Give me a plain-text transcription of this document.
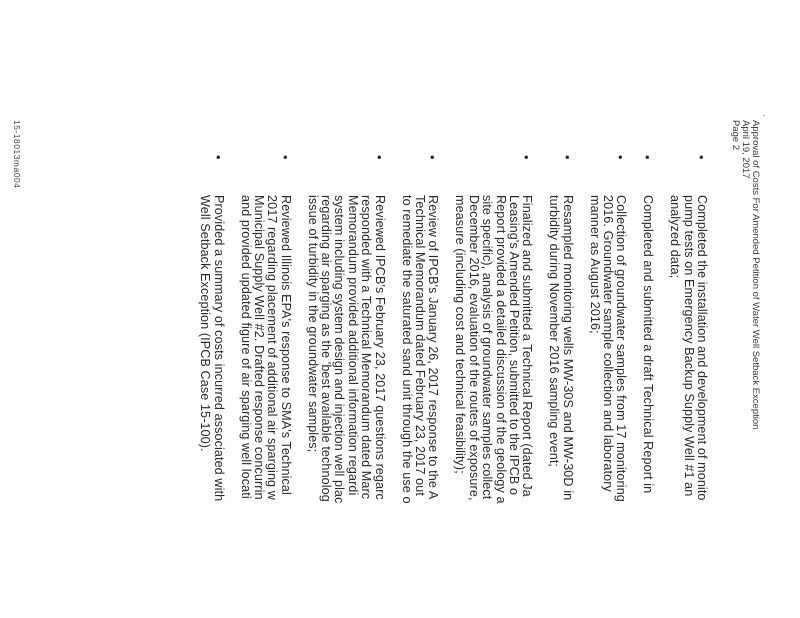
'
Approval of Costs For Amended Petition of Water Well Setback Exception
April 19, 2017
Page 2
•
Completed the installation and development of monito
pump tests on Emergency Backup Supply Well #1 an
analyzed data;
•
Completed and submitted a draft Technical Report in
•
Collection of groundwater samples from 17 monitoring
2016. Groundwater sample collection and laboratory
manner as August 2016;
•
Resampled monitoring wells MW-30S and MW-30D in
turbidity during November 2016 sampling event;
•
Finalized and submitted a Technical Report (dated Ja
Leasing's Amended Petition, submitted to the IPCB o
Report provided a detailed discussion of the geology a
site specific), analysis of groundwater samples collect
December 2016, evaluation of the routes of exposure,
measure (including cost and technical feasibility);
•
Review of IPCB's January 26, 2017 response to the A
Technical Memorandum dated February 23, 2017 out
to remediate the saturated sand unit through the use o
•
Reviewed IPCB's February 23, 2017 questions regarc
responded with a Technical Memorandum dated Marc
Memorandum provided additional information regardi
system including system design and injection well plac
regarding air sparging as the 'best available technolog
issue of turbidity in the groundwater samples;
•
Reviewed Illinois EPA's response to SMA's Technical
2017 regarding placement of additional air sparging w
Municipal Supply Well #2. Drafted response concurrin
and provided updated figure of air sparging well locati
•
Provided a summary of costs incurred associated with
Well Setback Exception (IPCB Case 15-100).
15-18013ma004
